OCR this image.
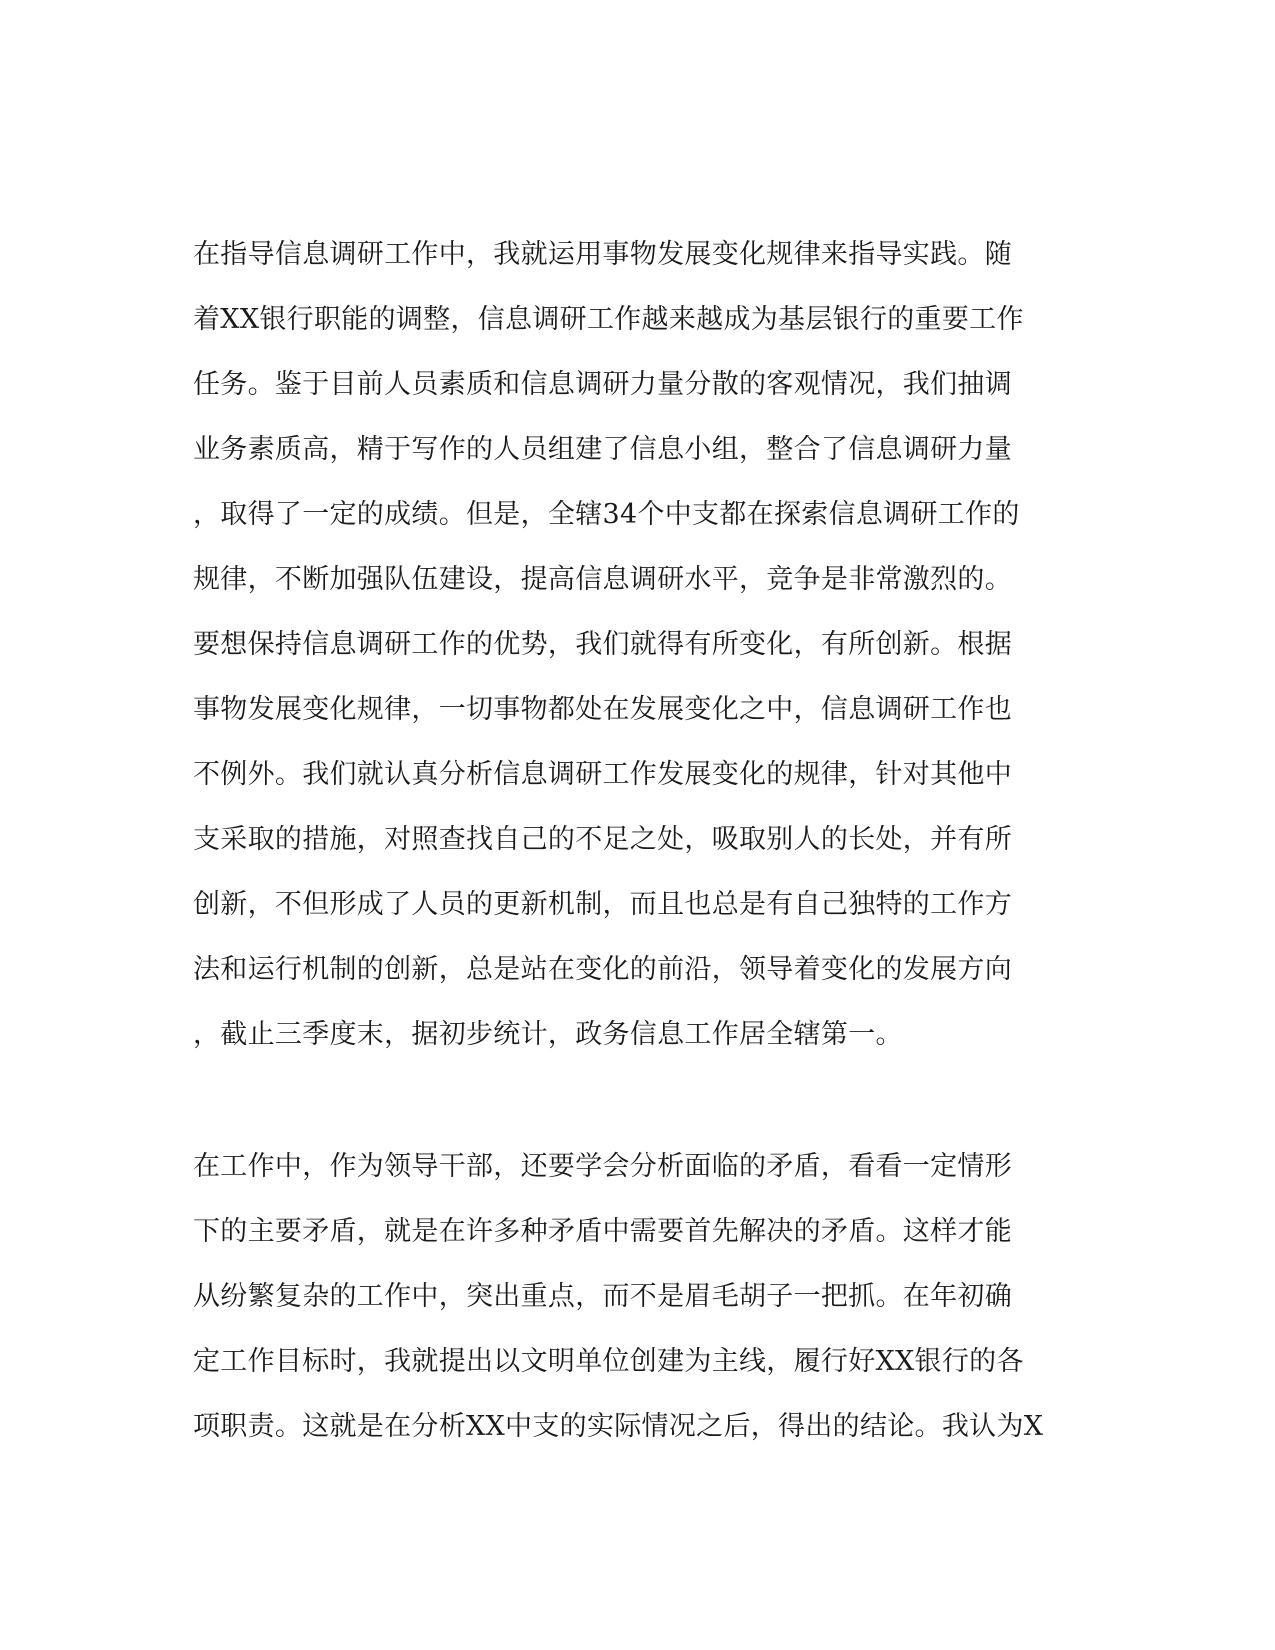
在指导信息调研工作中，我就运用事物发展变化规律来指导实践。随
着XX银行职能的调整，信息调研工作越来越成为基层银行的重要工作
任务。鉴于目前人员素质和信息调研力量分散的客观情况，我们抽调
业务素质高，精于写作的人员组建了信息小组，整合了信息调研力量
，取得了一定的成绩。但是，全辖34个中支都在探索信息调研工作的
规律，不断加强队伍建设，提高信息调研水平，竞争是非常激烈的。
要想保持信息调研工作的优势，我们就得有所变化，有所创新。根据
事物发展变化规律，一切事物都处在发展变化之中，信息调研工作也
不例外。我们就认真分析信息调研工作发展变化的规律，针对其他中
支采取的措施，对照查找自己的不足之处，吸取别人的长处，并有所
创新，不但形成了人员的更新机制，而且也总是有自己独特的工作方
法和运行机制的创新，总是站在变化的前沿，领导着变化的发展方向
，截止三季度末，据初步统计，政务信息工作居全辖第一。
在工作中，作为领导干部，还要学会分析面临的矛盾，看看一定情形
下的主要矛盾，就是在许多种矛盾中需要首先解决的矛盾。这样才能
从纷繁复杂的工作中，突出重点，而不是眉毛胡子一把抓。在年初确
定工作目标时，我就提出以文明单位创建为主线，履行好XX银行的各
项职责。这就是在分析XX中支的实际情况之后，得出的结论。我认为X
